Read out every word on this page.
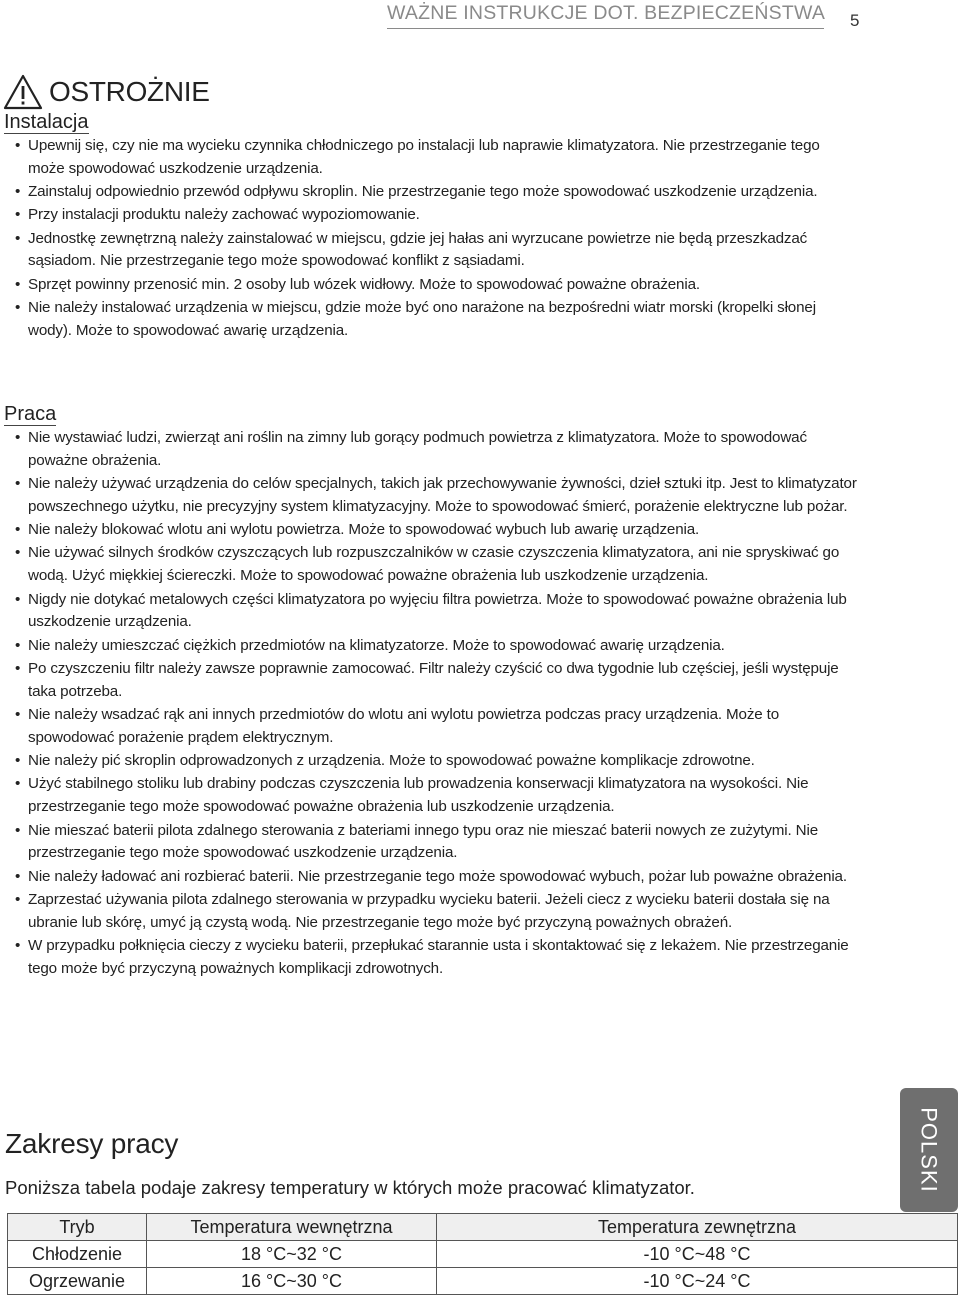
WAŻNE INSTRUKCJE DOT. BEZPIECZEŃSTWA 5
OSTROŻNIE
Instalacja
• Upewnij się, czy nie ma wycieku czynnika chłodniczego po instalacji lub naprawie klimatyzatora. Nie przestrzeganie tego może spowodować uszkodzenie urządzenia.
• Zainstaluj odpowiednio przewód odpływu skroplin. Nie przestrzeganie tego może spowodować uszkodzenie urządzenia.
• Przy instalacji produktu należy zachować wypoziomowanie.
• Jednostkę zewnętrzną należy zainstalować w miejscu, gdzie jej hałas ani wyrzucane powietrze nie będą przeszkadzać sąsiadom. Nie przestrzeganie tego może spowodować konflikt z sąsiadami.
• Sprzęt powinny przenosić min. 2 osoby lub wózek widłowy. Może to spowodować poważne obrażenia.
• Nie należy instalować urządzenia w miejscu, gdzie może być ono narażone na bezpośredni wiatr morski (kropelki słonej wody). Może to spowodować awarię urządzenia.
Praca
• Nie wystawiać ludzi, zwierząt ani roślin na zimny lub gorący podmuch powietrza z klimatyzatora. Może to spowodować poważne obrażenia.
• Nie należy używać urządzenia do celów specjalnych, takich jak przechowywanie żywności, dzieł sztuki itp. Jest to klimatyzator powszechnego użytku, nie precyzyjny system klimatyzacyjny. Może to spowodować śmierć, porażenie elektryczne lub pożar.
• Nie należy blokować wlotu ani wylotu powietrza. Może to spowodować wybuch lub awarię urządzenia.
• Nie używać silnych środków czyszczących lub rozpuszczalników w czasie czyszczenia klimatyzatora, ani nie spryskiwać go wodą. Użyć miękkiej ściereczki. Może to spowodować poważne obrażenia lub uszkodzenie urządzenia.
• Nigdy nie dotykać metalowych części klimatyzatora po wyjęciu filtra powietrza. Może to spowodować poważne obrażenia lub uszkodzenie urządzenia.
• Nie należy umieszczać ciężkich przedmiotów na klimatyzatorze. Może to spowodować awarię urządzenia.
• Po czyszczeniu filtr należy zawsze poprawnie zamocować. Filtr należy czyścić co dwa tygodnie lub częściej, jeśli występuje taka potrzeba.
• Nie należy wsadzać rąk ani innych przedmiotów do wlotu ani wylotu powietrza podczas pracy urządzenia. Może to spowodować porażenie prądem elektrycznym.
• Nie należy pić skroplin odprowadzonych z urządzenia. Może to spowodować poważne komplikacje zdrowotne.
• Użyć stabilnego stoliku lub drabiny podczas czyszczenia lub prowadzenia konserwacji klimatyzatora na wysokości. Nie przestrzeganie tego może spowodować poważne obrażenia lub uszkodzenie urządzenia.
• Nie mieszać baterii pilota zdalnego sterowania z bateriami innego typu oraz nie mieszać baterii nowych ze zużytymi. Nie przestrzeganie tego może spowodować uszkodzenie urządzenia.
• Nie należy ładować ani rozbierać baterii. Nie przestrzeganie tego może spowodować wybuch, pożar lub poważne obrażenia.
• Zaprzestać używania pilota zdalnego sterowania w przypadku wycieku baterii. Jeżeli ciecz z wycieku baterii dostała się na ubranie lub skórę, umyć ją czystą wodą. Nie przestrzeganie tego może być przyczyną poważnych obrażeń.
• W przypadku połknięcia cieczy z wycieku baterii, przepłukać starannie usta i skontaktować się z lekażem. Nie przestrzeganie tego może być przyczyną poważnych komplikacji zdrowotnych.
Zakresy pracy
Poniższa tabela podaje zakresy temperatury w których może pracować klimatyzator.
Tryb	Temperatura wewnętrzna	Temperatura zewnętrzna
Chłodzenie	18 °C~32 °C	-10 °C~48 °C
Ogrzewanie	16 °C~30 °C	-10 °C~24 °C
POLSKI
